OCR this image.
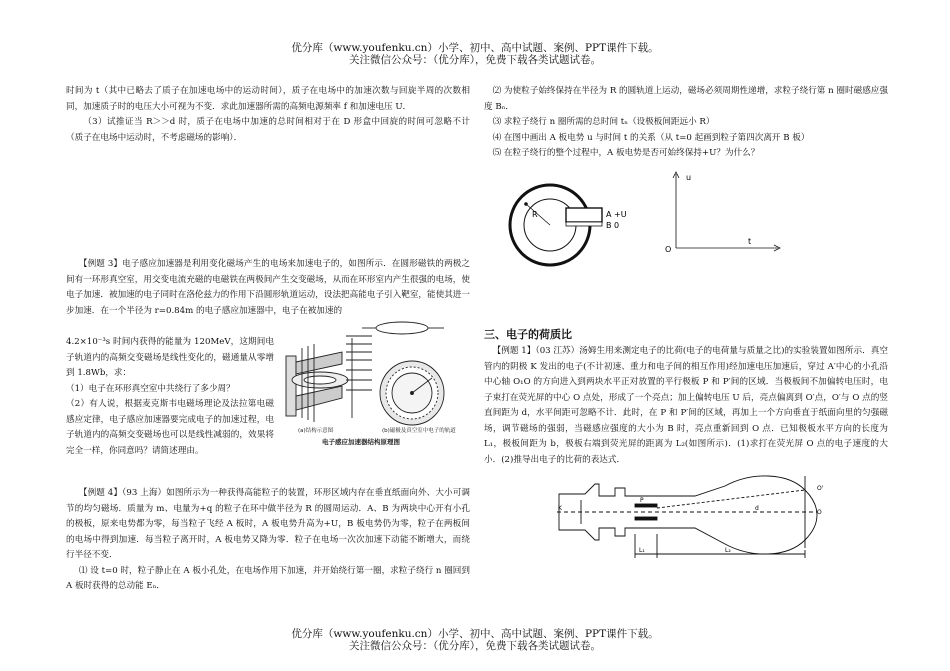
优分库（www.youfenku.cn）小学、初中、高中试题、案例、PPT课件下载。
关注微信公众号：（优分库），免费下载各类试题试卷。

时间为 t（其中已略去了质子在加速电场中的运动时间），质子在电场中的加速次数与回旋半周的次数相同，加速质子时的电压大小可视为不变．求此加速器所需的高频电源频率 f 和加速电压 U．

（3）试推证当 R＞＞d 时，质子在电场中加速的总时间相对于在 D 形盒中回旋的时间可忽略不计（质子在电场中运动时，不考虑磁场的影响）．

【例题 3】电子感应加速器是利用变化磁场产生的电场来加速电子的，如图所示．在圆形磁铁的两极之间有一环形真空室，用交变电流充磁的电磁铁在两极间产生交变磁场，从而在环形室内产生很强的电场，使电子加速．被加速的电子同时在洛伦兹力的作用下沿圆形轨道运动，设法把高能电子引入靶室，能使其进一步加速．在一个半径为 r=0.84m 的电子感应加速器中，电子在被加速的

4.2×10⁻³s 时间内获得的能量为 120MeV，这期间电子轨道内的高频交变磁场是线性变化的，磁通量从零增到 1.8Wb，求：

（1）电子在环形真空室中共绕行了多少周？

（2）有人说，根据麦克斯韦电磁场理论及法拉第电磁感应定律，电子感应加速器要完成电子的加速过程，电子轨道内的高频交变磁场也可以是线性减弱的，效果将完全一样，你同意吗？请简述理由。

(a)结构示意图	(b)磁极及真空室中电子的轨道
电子感应加速器结构原理图

【例题 4】（93 上海）如图所示为一种获得高能粒子的装置，环形区域内存在垂直纸面向外、大小可调节的均匀磁场．质量为 m、电量为+q 的粒子在环中做半径为 R 的圆周运动．A、B 为两块中心开有小孔的极板，原来电势都为零，每当粒子飞经 A 板时，A 板电势升高为+U，B 板电势仍为零，粒子在两板间的电场中得到加速．每当粒子离开时，A 板电势又降为零．粒子在电场一次次加速下动能不断增大，而绕行半径不变．

⑴ 设 t=0 时，粒子静止在 A 板小孔处，在电场作用下加速，并开始绕行第一圈，求粒子绕行 n 圈回到 A 板时获得的总动能 Eₙ．

⑵ 为使粒子始终保持在半径为 R 的圆轨道上运动，磁场必须周期性递增，求粒子绕行第 n 圈时磁感应强度 Bₙ．

⑶ 求粒子绕行 n 圈所需的总时间 tₙ（设极板间距远小 R）

⑷ 在图中画出 A 板电势 u 与时间 t 的关系（从 t=0 起画到粒子第四次离开 B 板）

⑸ 在粒子绕行的整个过程中，A 板电势是否可始终保持+U？为什么？

R	A +U
B 0
u
t
O
三、电子的荷质比

【例题 1】（03 江苏）汤姆生用来测定电子的比荷(电子的电荷量与质量之比)的实验装置如图所示．真空管内的阴极 K 发出的电子(不计初速、重力和电子间的相互作用)经加速电压加速后，穿过 A′中心的小孔沿中心轴 O₁O 的方向进入到两块水平正对放置的平行极板 P 和 P′间的区域．当极板间不加偏转电压时，电子束打在荧光屏的中心 O 点处，形成了一个亮点；加上偏转电压 U 后，亮点偏离到 O′点，O′与 O 点的竖直间距为 d，水平间距可忽略不计．此时，在 P 和 P′间的区域，再加上一个方向垂直于纸面向里的匀强磁场，调节磁场的强弱，当磁感应强度的大小为 B 时，亮点重新回到 O 点．已知极板水平方向的长度为 L₁，极板间距为 b，极板右端到荧光屏的距离为 L₂(如图所示)．(1)求打在荧光屏 O 点的电子速度的大小．(2)推导出电子的比荷的表达式．

K
O'
O
P
L₁	L₂
d
优分库（www.youfenku.cn）小学、初中、高中试题、案例、PPT课件下载。
关注微信公众号：（优分库），免费下载各类试题试卷。
